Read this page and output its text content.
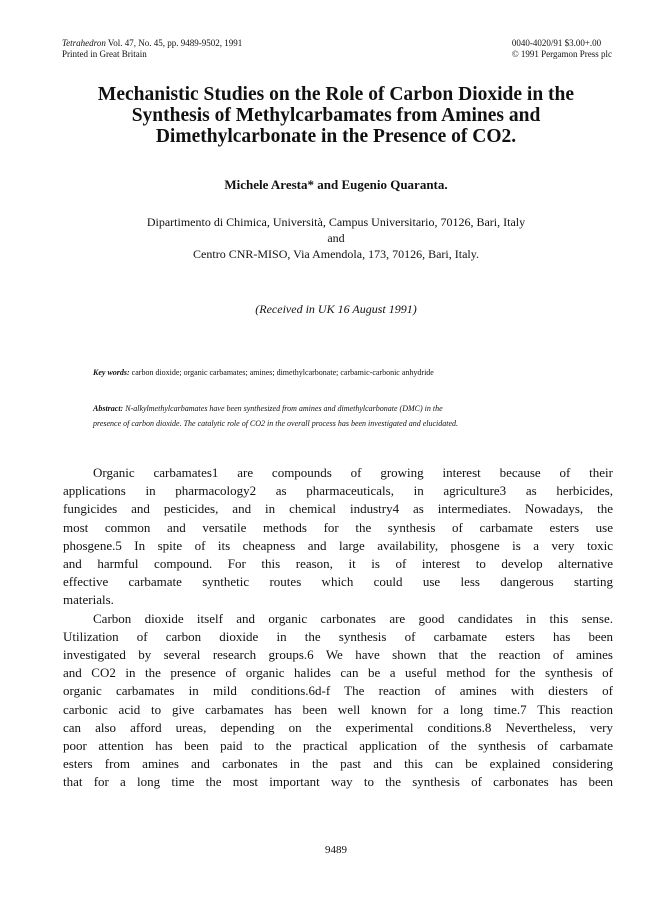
Tetrahedron Vol. 47, No. 45, pp. 9489-9502, 1991
Printed in Great Britain
0040-4020/91 $3.00+.00
© 1991 Pergamon Press plc
Mechanistic Studies on the Role of Carbon Dioxide in the
Synthesis of Methylcarbamates from Amines and
Dimethylcarbonate in the Presence of CO2.
Michele Aresta* and Eugenio Quaranta.
Dipartimento di Chimica, Università, Campus Universitario, 70126, Bari, Italy
and
Centro CNR-MISO, Via Amendola, 173, 70126, Bari, Italy.
(Received in UK 16 August 1991)
Key words: carbon dioxide; organic carbamates; amines; dimethylcarbonate; carbamic-carbonic anhydride
Abstract: N-alkylmethylcarbamates have been synthesized from amines and dimethylcarbonate (DMC) in the
presence of carbon dioxide. The catalytic role of CO2 in the overall process has been investigated and elucidated.
Organic carbamates1 are compounds of growing interest because of their
applications in pharmacology2 as pharmaceuticals, in agriculture3 as herbicides,
fungicides and pesticides, and in chemical industry4 as intermediates. Nowadays, the
most common and versatile methods for the synthesis of carbamate esters use
phosgene.5 In spite of its cheapness and large availability, phosgene is a very toxic
and harmful compound. For this reason, it is of interest to develop alternative
effective carbamate synthetic routes which could use less dangerous starting
materials.
Carbon dioxide itself and organic carbonates are good candidates in this sense.
Utilization of carbon dioxide in the synthesis of carbamate esters has been
investigated by several research groups.6 We have shown that the reaction of amines
and CO2 in the presence of organic halides can be a useful method for the synthesis of
organic carbamates in mild conditions.6d-f The reaction of amines with diesters of
carbonic acid to give carbamates has been well known for a long time.7 This reaction
can also afford ureas, depending on the experimental conditions.8 Nevertheless, very
poor attention has been paid to the practical application of the synthesis of carbamate
esters from amines and carbonates in the past and this can be explained considering
that for a long time the most important way to the synthesis of carbonates has been
9489
